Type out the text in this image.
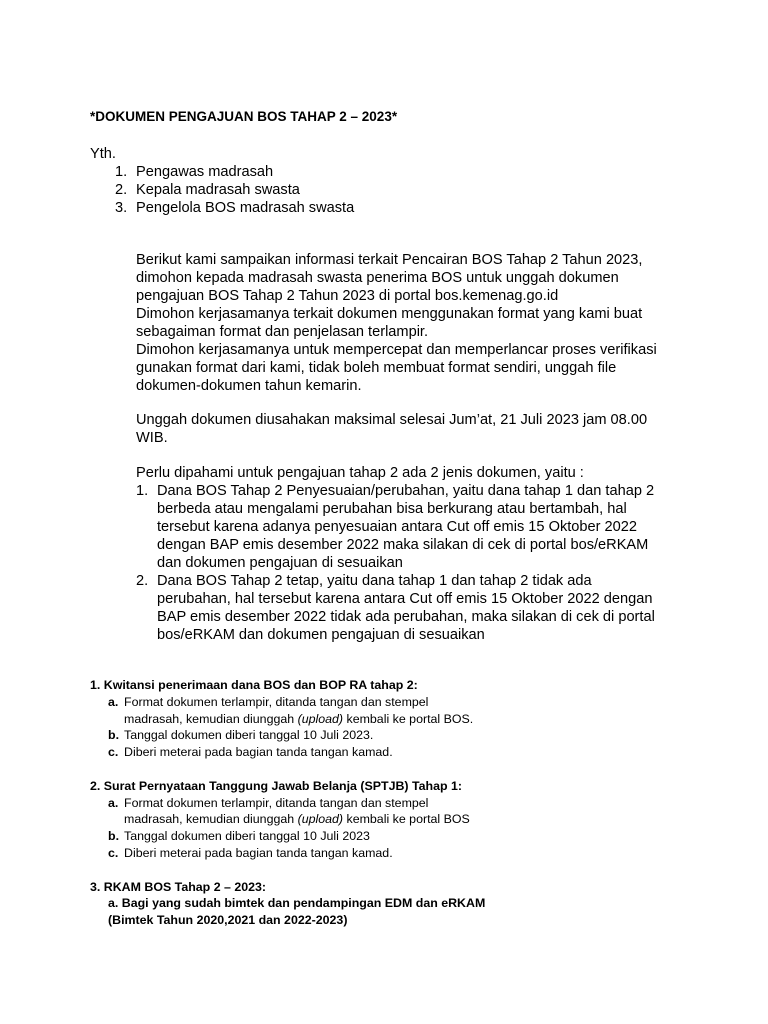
*DOKUMEN PENGAJUAN BOS TAHAP 2 – 2023*
Yth.
1. Pengawas madrasah
2. Kepala madrasah swasta
3. Pengelola BOS madrasah swasta
Berikut kami sampaikan informasi terkait Pencairan BOS Tahap 2 Tahun 2023,
dimohon kepada madrasah swasta penerima BOS untuk unggah dokumen
pengajuan BOS Tahap 2 Tahun 2023 di portal bos.kemenag.go.id
Dimohon kerjasamanya terkait dokumen menggunakan format yang kami buat
sebagaiman format dan penjelasan terlampir.
Dimohon kerjasamanya untuk mempercepat dan memperlancar proses verifikasi
gunakan format dari kami, tidak boleh membuat format sendiri, unggah file
dokumen-dokumen tahun kemarin.
Unggah dokumen diusahakan maksimal selesai Jum’at, 21 Juli 2023 jam 08.00
WIB.
Perlu dipahami untuk pengajuan tahap 2 ada 2 jenis dokumen, yaitu :
1. Dana BOS Tahap 2 Penyesuaian/perubahan, yaitu dana tahap 1 dan tahap 2
berbeda atau mengalami perubahan bisa berkurang atau bertambah, hal
tersebut karena adanya penyesuaian antara Cut off emis 15 Oktober 2022
dengan BAP emis desember 2022 maka silakan di cek di portal bos/eRKAM
dan dokumen pengajuan di sesuaikan
2. Dana BOS Tahap 2 tetap, yaitu dana tahap 1 dan tahap 2 tidak ada
perubahan, hal tersebut karena antara Cut off emis 15 Oktober 2022 dengan
BAP emis desember 2022 tidak ada perubahan, maka silakan di cek di portal
bos/eRKAM dan dokumen pengajuan di sesuaikan
1. Kwitansi penerimaan dana BOS dan BOP RA tahap 2:
a. Format dokumen terlampir, ditanda tangan dan stempel
madrasah, kemudian diunggah (upload) kembali ke portal BOS.
b. Tanggal dokumen diberi tanggal 10 Juli 2023.
c. Diberi meterai pada bagian tanda tangan kamad.
2. Surat Pernyataan Tanggung Jawab Belanja (SPTJB) Tahap 1:
a. Format dokumen terlampir, ditanda tangan dan stempel
madrasah, kemudian diunggah (upload) kembali ke portal BOS
b. Tanggal dokumen diberi tanggal 10 Juli 2023
c. Diberi meterai pada bagian tanda tangan kamad.
3. RKAM BOS Tahap 2 – 2023:
a. Bagi yang sudah bimtek dan pendampingan EDM dan eRKAM
(Bimtek Tahun 2020,2021 dan 2022-2023)
